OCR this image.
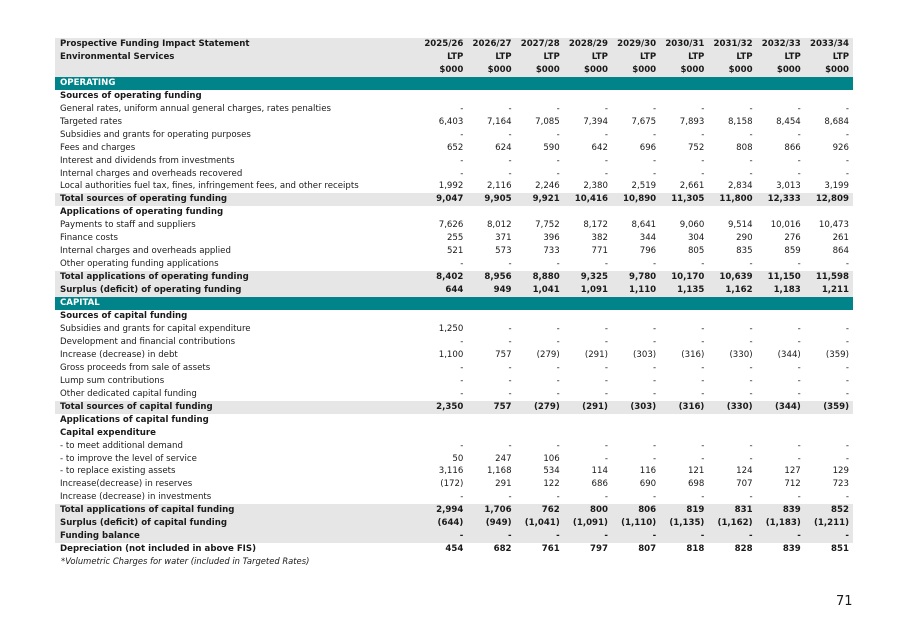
Prospective Funding Impact Statement	2025/26	2026/27	2027/28	2028/29	2029/30	2030/31	2031/32	2032/33	2033/34
Environmental Services	LTP	LTP	LTP	LTP	LTP	LTP	LTP	LTP	LTP
	$000	$000	$000	$000	$000	$000	$000	$000	$000
OPERATING									
Sources of operating funding									
General rates, uniform annual general charges, rates penalties	-	-	-	-	-	-	-	-	-
Targeted rates	6,403	7,164	7,085	7,394	7,675	7,893	8,158	8,454	8,684
Subsidies and grants for operating purposes	-	-	-	-	-	-	-	-	-
Fees and charges	652	624	590	642	696	752	808	866	926
Interest and dividends from investments	-	-	-	-	-	-	-	-	-
Internal charges and overheads recovered	-	-	-	-	-	-	-	-	-
Local authorities fuel tax, fines, infringement fees, and other receipts	1,992	2,116	2,246	2,380	2,519	2,661	2,834	3,013	3,199
Total sources of operating funding	9,047	9,905	9,921	10,416	10,890	11,305	11,800	12,333	12,809
Applications of operating funding									
Payments to staff and suppliers	7,626	8,012	7,752	8,172	8,641	9,060	9,514	10,016	10,473
Finance costs	255	371	396	382	344	304	290	276	261
Internal charges and overheads applied	521	573	733	771	796	805	835	859	864
Other operating funding applications	-	-	-	-	-	-	-	-	-
Total applications of operating funding	8,402	8,956	8,880	9,325	9,780	10,170	10,639	11,150	11,598
Surplus (deficit) of operating funding	644	949	1,041	1,091	1,110	1,135	1,162	1,183	1,211
CAPITAL									
Sources of capital funding									
Subsidies and grants for capital expenditure	1,250	-	-	-	-	-	-	-	-
Development and financial contributions	-	-	-	-	-	-	-	-	-
Increase (decrease) in debt	1,100	757	(279)	(291)	(303)	(316)	(330)	(344)	(359)
Gross proceeds from sale of assets	-	-	-	-	-	-	-	-	-
Lump sum contributions	-	-	-	-	-	-	-	-	-
Other dedicated capital funding	-	-	-	-	-	-	-	-	-
Total sources of capital funding	2,350	757	(279)	(291)	(303)	(316)	(330)	(344)	(359)
Applications of capital funding									
Capital expenditure									
- to meet additional demand	-	-	-	-	-	-	-	-	-
- to improve the level of service	50	247	106	-	-	-	-	-	-
- to replace existing assets	3,116	1,168	534	114	116	121	124	127	129
Increase(decrease) in reserves	(172)	291	122	686	690	698	707	712	723
Increase (decrease) in investments	-	-	-	-	-	-	-	-	-
Total applications of capital funding	2,994	1,706	762	800	806	819	831	839	852
Surplus (deficit) of capital funding	(644)	(949)	(1,041)	(1,091)	(1,110)	(1,135)	(1,162)	(1,183)	(1,211)
Funding balance	-	-	-	-	-	-	-	-	-
Depreciation (not included in above FIS)	454	682	761	797	807	818	828	839	851
*Volumetric Charges for water (included in Targeted Rates)
71
